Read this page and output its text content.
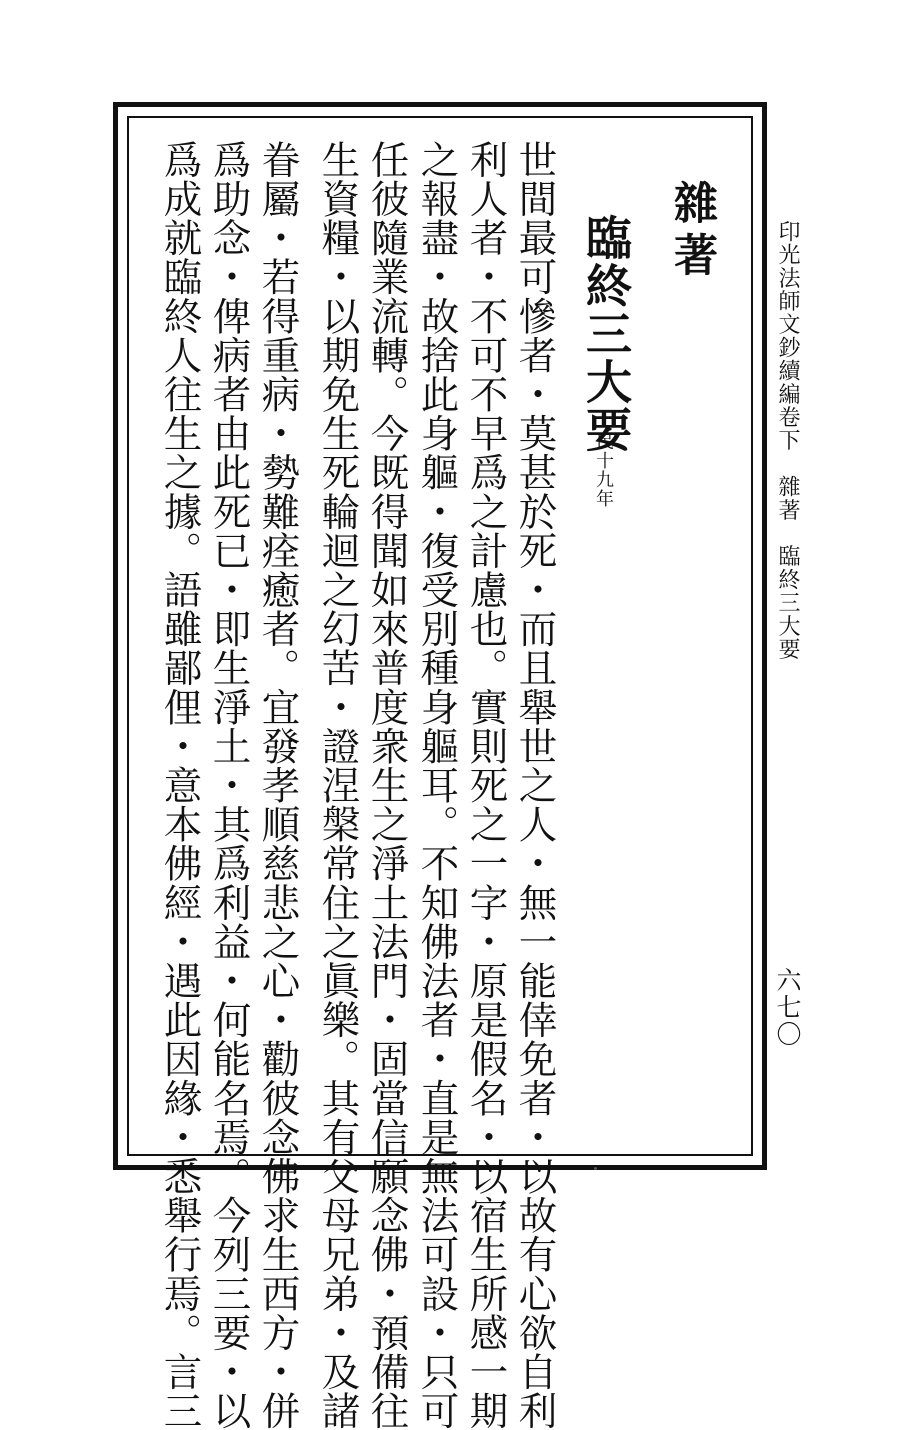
印光法師文鈔續編卷下　雜著　臨終三大要
六七〇
雜著
臨終三大要
民十九年
世間最可慘者・莫甚於死・而且舉世之人・無一能倖免者・以故有心欲自利
利人者・不可不早爲之計慮也。實則死之一字・原是假名・以宿生所感一期
之報盡・故捨此身軀・復受別種身軀耳。不知佛法者・直是無法可設・只可
任彼隨業流轉。今既得聞如來普度衆生之淨土法門・固當信願念佛・預備往
生資糧・以期免生死輪迴之幻苦・證涅槃常住之眞樂。其有父母兄弟・及諸
眷屬・若得重病・勢難痊癒者。宜發孝順慈悲之心・勸彼念佛求生西方・併
爲助念・俾病者由此死已・即生淨土・其爲利益・何能名焉。今列三要・以
爲成就臨終人往生之據。語雖鄙俚・意本佛經・遇此因緣・悉舉行焉。言三
